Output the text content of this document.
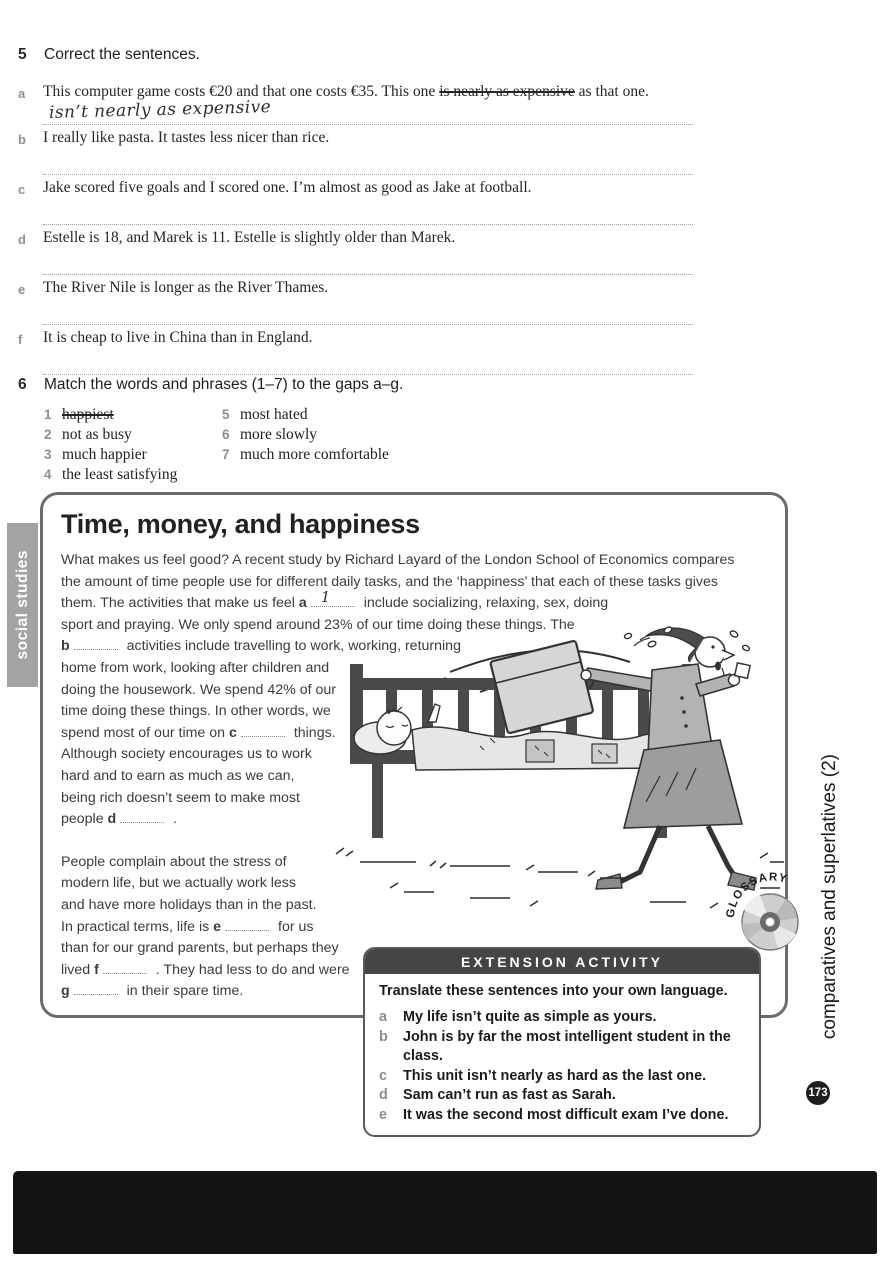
5	Correct the sentences.
a	This computer game costs €20 and that one costs €35. This one is nearly as expensive as that one.
isn’t nearly as expensive
b	I really like pasta. It tastes less nicer than rice.
c	Jake scored five goals and I scored one. I’m almost as good as Jake at football.
d	Estelle is 18, and Marek is 11. Estelle is slightly older than Marek.
e	The River Nile is longer as the River Thames.
f	It is cheap to live in China than in England.
6	Match the words and phrases (1–7) to the gaps a–g.
1 happiest
2 not as busy
3 much happier
4 the least satisfying
5 most hated
6 more slowly
7 much more comfortable
social studies
Time, money, and happiness
What makes us feel good? A recent study by Richard Layard of the London School of Economics compares
the amount of time people use for different daily tasks, and the ‘happiness’ that each of these tasks gives
them. The activities that make us feel a 1 include socializing, relaxing, sex, doing
sport and praying. We only spend around 23% of our time doing these things. The
b	activities include travelling to work, working, returning
home from work, looking after children and
doing the housework. We spend 42% of our
time doing these things. In other words, we
spend most of our time on c	things.
Although society encourages us to work
hard and to earn as much as we can,
being rich doesn’t seem to make most
people d	.
People complain about the stress of
modern life, but we actually work less
and have more holidays than in the past.
In practical terms, life is e	for us
than for our grand parents, but perhaps they
lived f	. They had less to do and were
g	in their spare time.
GLOSSARY
EXTENSION ACTIVITY
Translate these sentences into your own language.
a My life isn’t quite as simple as yours.
b John is by far the most intelligent student in the class.
c This unit isn’t nearly as hard as the last one.
d Sam can’t run as fast as Sarah.
e It was the second most difficult exam I’ve done.
comparatives and superlatives (2)
173
